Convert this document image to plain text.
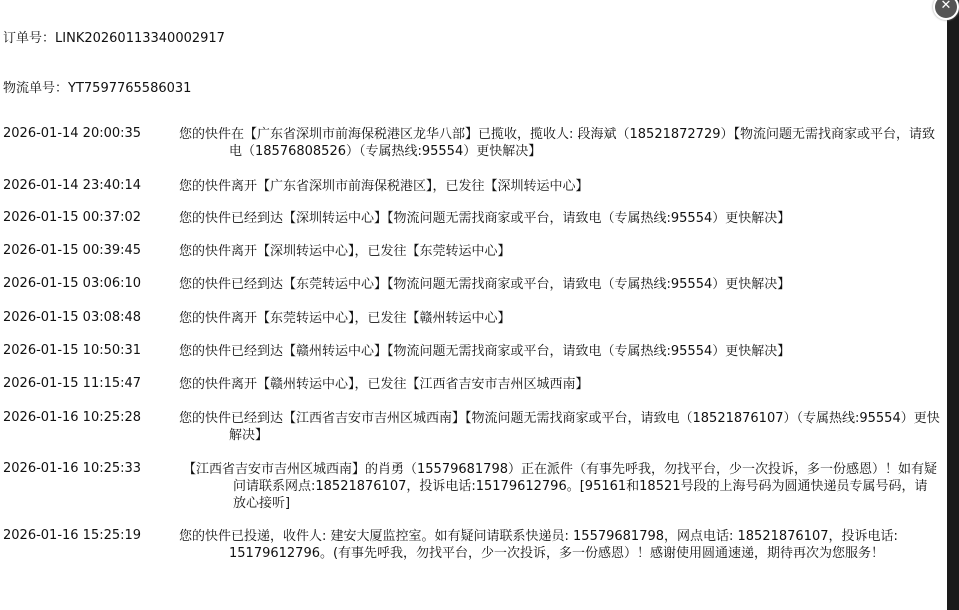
订单号：LINK20260113340002917
物流单号：YT7597765586031
2026-01-14 20:00:35	您的快件在【广东省深圳市前海保税港区龙华八部】已揽收，揽收人: 段海斌（18521872729）【物流问题无需找商家或平台，请致电（18576808526）（专属热线:95554）更快解决】
2026-01-14 23:40:14	您的快件离开【广东省深圳市前海保税港区】，已发往【深圳转运中心】
2026-01-15 00:37:02	您的快件已经到达【深圳转运中心】【物流问题无需找商家或平台，请致电（专属热线:95554）更快解决】
2026-01-15 00:39:45	您的快件离开【深圳转运中心】，已发往【东莞转运中心】
2026-01-15 03:06:10	您的快件已经到达【东莞转运中心】【物流问题无需找商家或平台，请致电（专属热线:95554）更快解决】
2026-01-15 03:08:48	您的快件离开【东莞转运中心】，已发往【赣州转运中心】
2026-01-15 10:50:31	您的快件已经到达【赣州转运中心】【物流问题无需找商家或平台，请致电（专属热线:95554）更快解决】
2026-01-15 11:15:47	您的快件离开【赣州转运中心】，已发往【江西省吉安市吉州区城西南】
2026-01-16 10:25:28	您的快件已经到达【江西省吉安市吉州区城西南】【物流问题无需找商家或平台，请致电（18521876107）（专属热线:95554）更快解决】
2026-01-16 10:25:33	【江西省吉安市吉州区城西南】的肖勇（15579681798）正在派件（有事先呼我，勿找平台，少一次投诉，多一份感恩）！如有疑问请联系网点:18521876107，投诉电话:15179612796。[95161和18521号段的上海号码为圆通快递员专属号码，请放心接听]
2026-01-16 15:25:19	您的快件已投递，收件人: 建安大厦监控室。如有疑问请联系快递员: 15579681798，网点电话: 18521876107，投诉电话: 15179612796。(有事先呼我，勿找平台，少一次投诉，多一份感恩）！感谢使用圆通速递，期待再次为您服务！
✕
